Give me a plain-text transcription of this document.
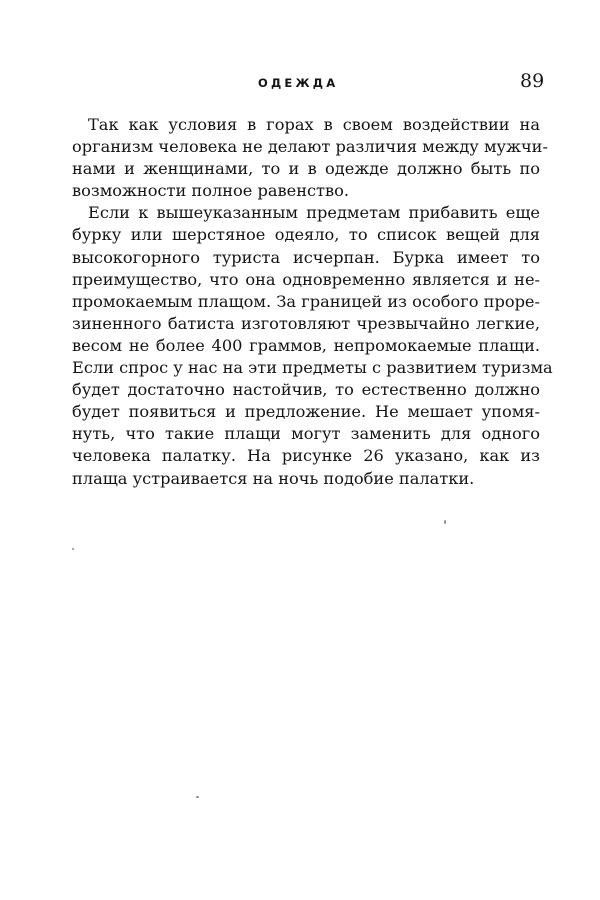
ОДЕЖДА	89
Так как условия в горах в своем воздействии на
организм человека не делают различия между мужчи-
нами и женщинами, то и в одежде должно быть по
возможности полное равенство.
Если к вышеуказанным предметам прибавить еще
бурку или шерстяное одеяло, то список вещей для
высокогорного туриста исчерпан. Бурка имеет то
преимущество, что она одновременно является и не-
промокаемым плащом. За границей из особого проре-
зиненного батиста изготовляют чрезвычайно легкие,
весом не более 400 граммов, непромокаемые плащи.
Если спрос у нас на эти предметы с развитием туризма
будет достаточно настойчив, то естественно должно
будет появиться и предложение. Не мешает упомя-
нуть, что такие плащи могут заменить для одного
человека палатку. На рисунке 26 указано, как из
плаща устраивается на ночь подобие палатки.
